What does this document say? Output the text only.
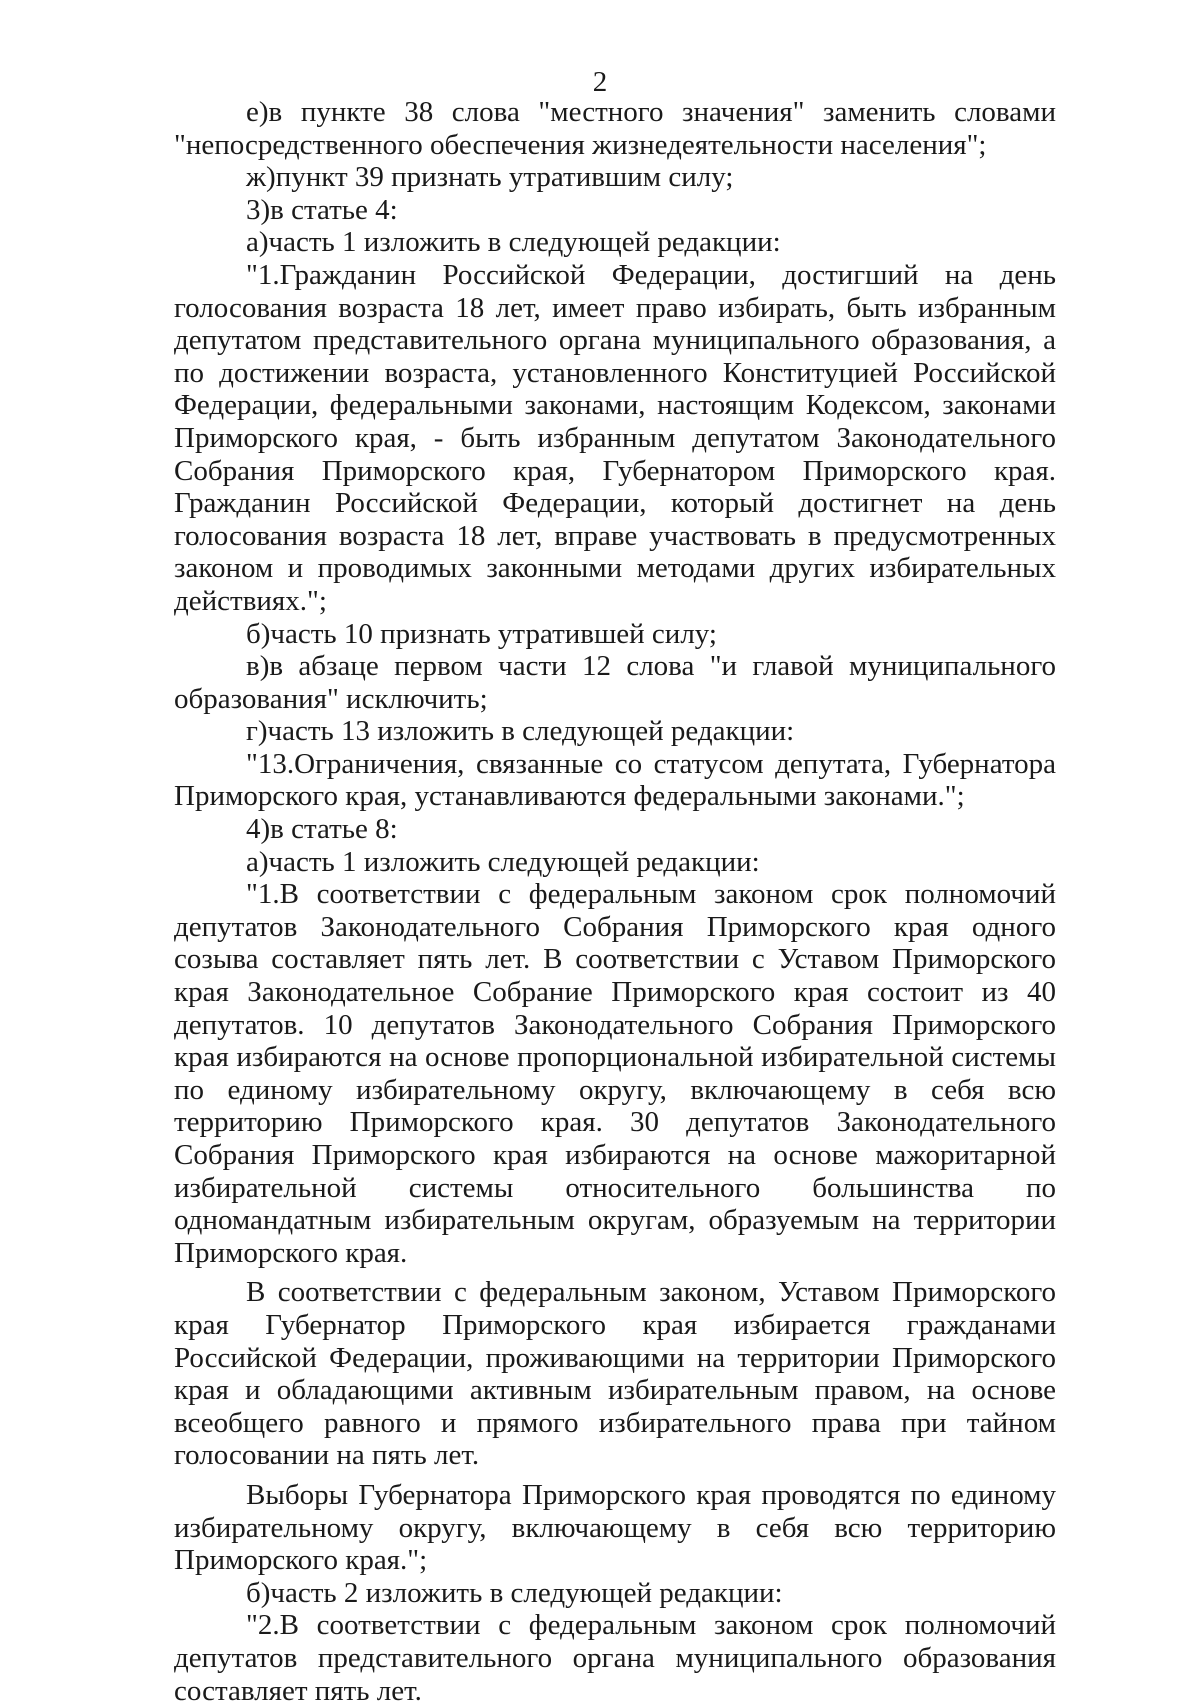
2

е)в пункте 38 слова "местного значения" заменить словами "непосредственного обеспечения жизнедеятельности населения";

ж)пункт 39 признать утратившим силу;

3)в статье 4:

а)часть 1 изложить в следующей редакции:

"1.Гражданин Российской Федерации, достигший на день голосования возраста 18 лет, имеет право избирать, быть избранным депутатом представительного органа муниципального образования, а по достижении возраста, установленного Конституцией Российской Федерации, федеральными законами, настоящим Кодексом, законами Приморского края, - быть избранным депутатом Законодательного Собрания Приморского края, Губернатором Приморского края. Гражданин Российской Федерации, который достигнет на день голосования возраста 18 лет, вправе участвовать в предусмотренных законом и проводимых законными методами других избирательных действиях.";

б)часть 10 признать утратившей силу;

в)в абзаце первом части 12 слова "и главой муниципального образования" исключить;

г)часть 13 изложить в следующей редакции:

"13.Ограничения, связанные со статусом депутата, Губернатора Приморского края, устанавливаются федеральными законами.";

4)в статье 8:

а)часть 1 изложить следующей редакции:

"1.В соответствии с федеральным законом срок полномочий депутатов Законодательного Собрания Приморского края одного созыва составляет пять лет. В соответствии с Уставом Приморского края Законодательное Собрание Приморского края состоит из 40 депутатов. 10 депутатов Законодательного Собрания Приморского края избираются на основе пропорциональной избирательной системы по единому избирательному округу, включающему в себя всю территорию Приморского края. 30 депутатов Законодательного Собрания Приморского края избираются на основе мажоритарной избирательной системы относительного большинства по одномандатным избирательным округам, образуемым на территории Приморского края.

В соответствии с федеральным законом, Уставом Приморского края Губернатор Приморского края избирается гражданами Российской Федерации, проживающими на территории Приморского края и обладающими активным избирательным правом, на основе всеобщего равного и прямого избирательного права при тайном голосовании на пять лет.

Выборы Губернатора Приморского края проводятся по единому избирательному округу, включающему в себя всю территорию Приморского края.";

б)часть 2 изложить в следующей редакции:

"2.В соответствии с федеральным законом срок полномочий депутатов представительного органа муниципального образования составляет пять лет.
